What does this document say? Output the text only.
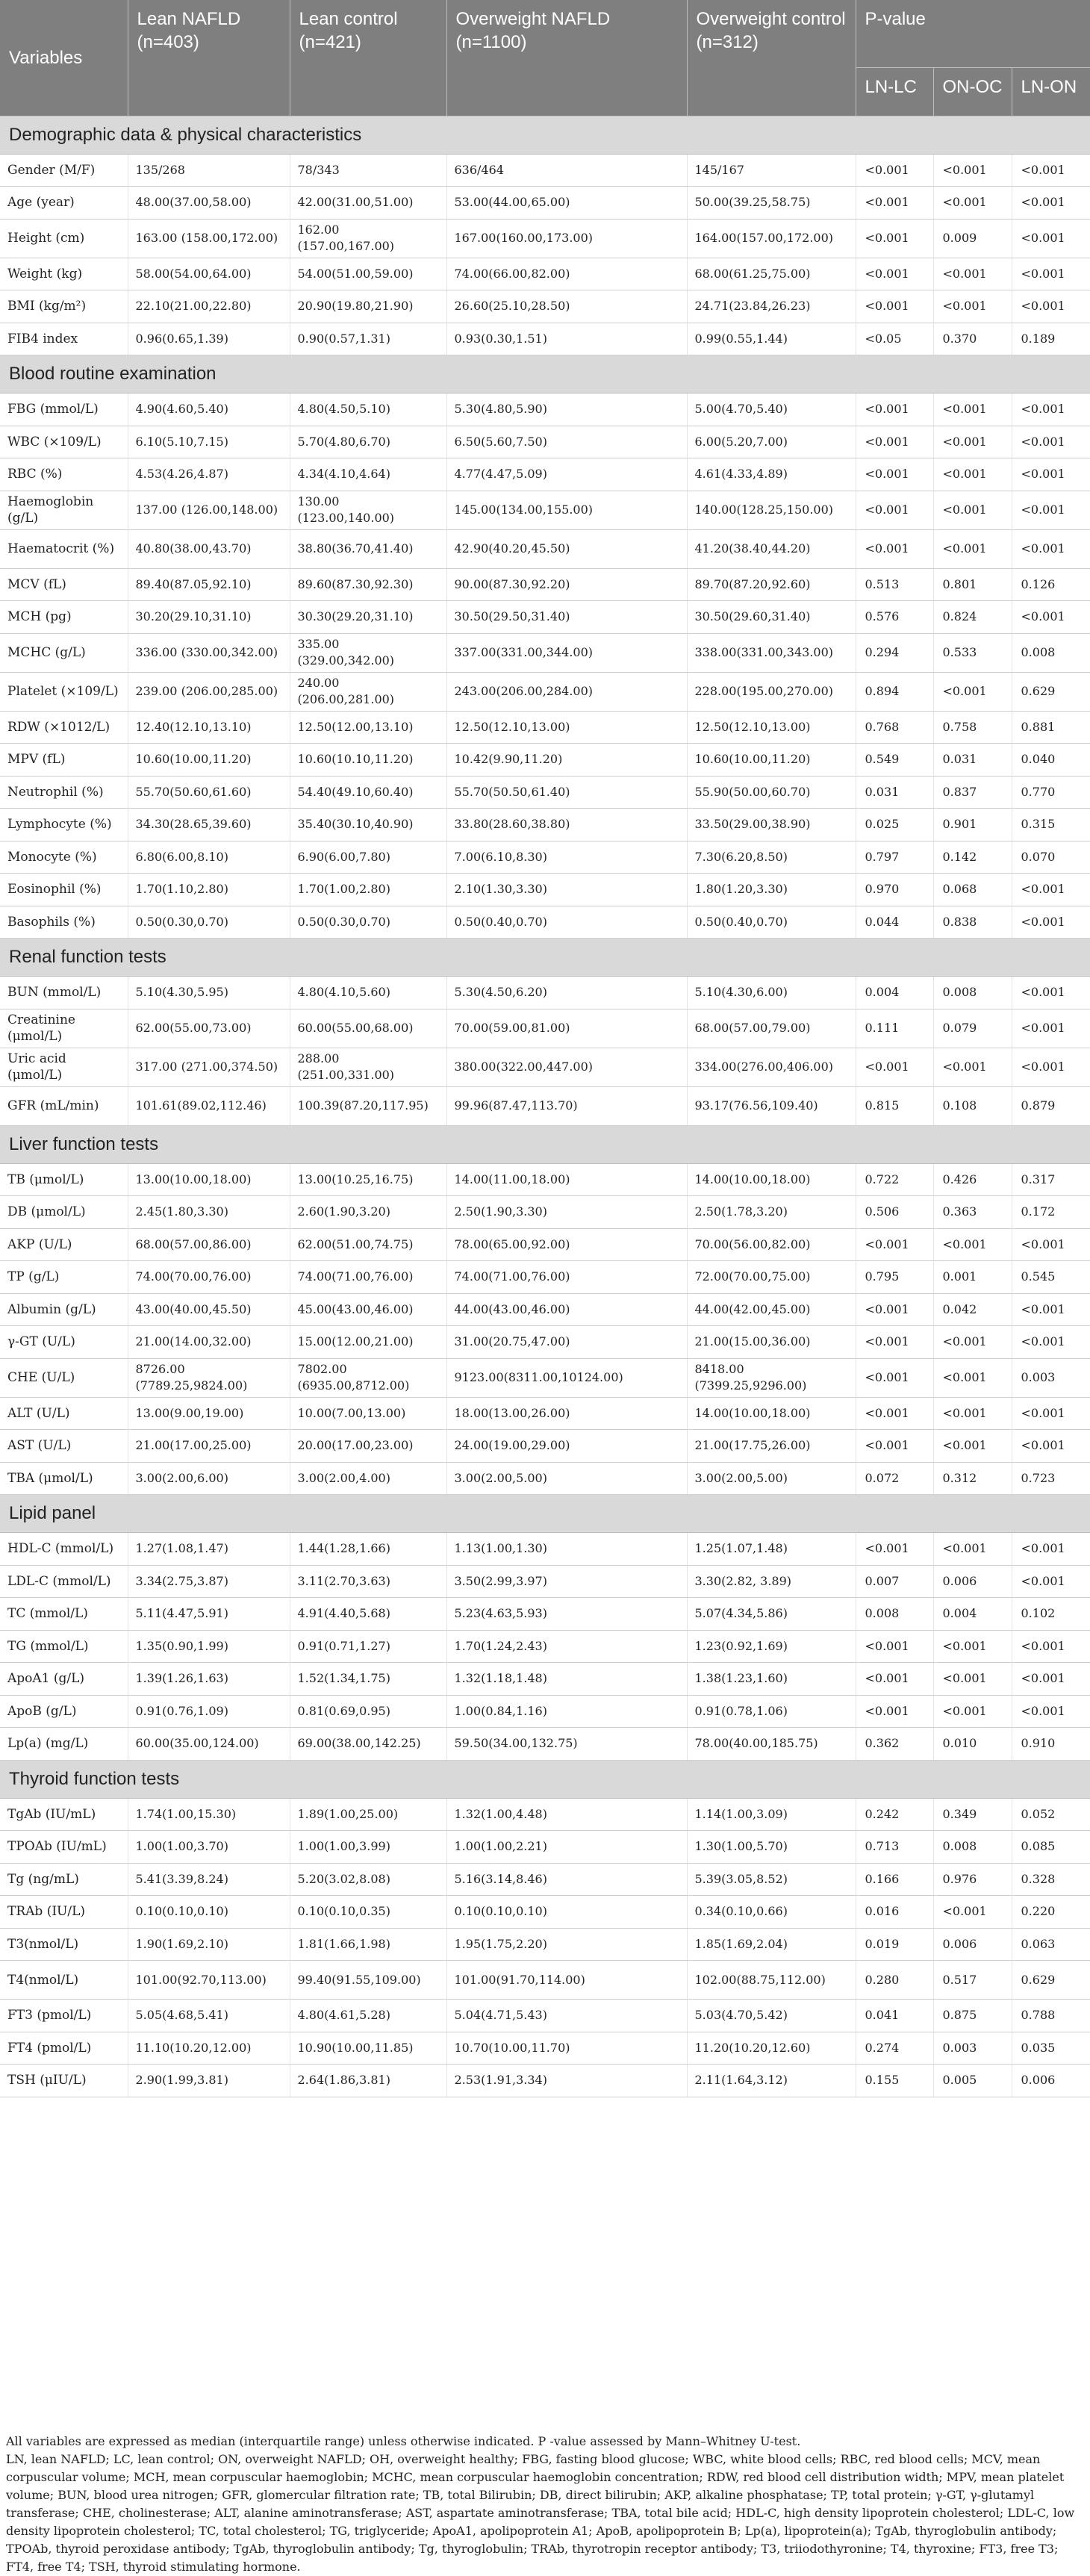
Variables	Lean NAFLD (n=403)	Lean control (n=421)	Overweight NAFLD (n=1100)	Overweight control (n=312)	P-value		
					LN-LC	ON-OC	LN-ON
Demographic data & physical characteristics							
Gender (M/F)	135/268	78/343	636/464	145/167	<0.001	<0.001	<0.001
Age (year)	48.00(37.00,58.00)	42.00(31.00,51.00)	53.00(44.00,65.00)	50.00(39.25,58.75)	<0.001	<0.001	<0.001
Height (cm)	163.00 (158.00,172.00)	162.00 (157.00,167.00)	167.00(160.00,173.00)	164.00(157.00,172.00)	<0.001	0.009	<0.001
Weight (kg)	58.00(54.00,64.00)	54.00(51.00,59.00)	74.00(66.00,82.00)	68.00(61.25,75.00)	<0.001	<0.001	<0.001
BMI (kg/m²)	22.10(21.00,22.80)	20.90(19.80,21.90)	26.60(25.10,28.50)	24.71(23.84,26.23)	<0.001	<0.001	<0.001
FIB4 index	0.96(0.65,1.39)	0.90(0.57,1.31)	0.93(0.30,1.51)	0.99(0.55,1.44)	<0.05	0.370	0.189
Blood routine examination							
FBG (mmol/L)	4.90(4.60,5.40)	4.80(4.50,5.10)	5.30(4.80,5.90)	5.00(4.70,5.40)	<0.001	<0.001	<0.001
WBC (×109/L)	6.10(5.10,7.15)	5.70(4.80,6.70)	6.50(5.60,7.50)	6.00(5.20,7.00)	<0.001	<0.001	<0.001
RBC (%)	4.53(4.26,4.87)	4.34(4.10,4.64)	4.77(4.47,5.09)	4.61(4.33,4.89)	<0.001	<0.001	<0.001
Haemoglobin (g/L)	137.00 (126.00,148.00)	130.00 (123.00,140.00)	145.00(134.00,155.00)	140.00(128.25,150.00)	<0.001	<0.001	<0.001
Haematocrit (%)	40.80(38.00,43.70)	38.80(36.70,41.40)	42.90(40.20,45.50)	41.20(38.40,44.20)	<0.001	<0.001	<0.001
MCV (fL)	89.40(87.05,92.10)	89.60(87.30,92.30)	90.00(87.30,92.20)	89.70(87.20,92.60)	0.513	0.801	0.126
MCH (pg)	30.20(29.10,31.10)	30.30(29.20,31.10)	30.50(29.50,31.40)	30.50(29.60,31.40)	0.576	0.824	<0.001
MCHC (g/L)	336.00 (330.00,342.00)	335.00 (329.00,342.00)	337.00(331.00,344.00)	338.00(331.00,343.00)	0.294	0.533	0.008
Platelet (×109/L)	239.00 (206.00,285.00)	240.00 (206.00,281.00)	243.00(206.00,284.00)	228.00(195.00,270.00)	0.894	<0.001	0.629
RDW (×1012/L)	12.40(12.10,13.10)	12.50(12.00,13.10)	12.50(12.10,13.00)	12.50(12.10,13.00)	0.768	0.758	0.881
MPV (fL)	10.60(10.00,11.20)	10.60(10.10,11.20)	10.42(9.90,11.20)	10.60(10.00,11.20)	0.549	0.031	0.040
Neutrophil (%)	55.70(50.60,61.60)	54.40(49.10,60.40)	55.70(50.50,61.40)	55.90(50.00,60.70)	0.031	0.837	0.770
Lymphocyte (%)	34.30(28.65,39.60)	35.40(30.10,40.90)	33.80(28.60,38.80)	33.50(29.00,38.90)	0.025	0.901	0.315
Monocyte (%)	6.80(6.00,8.10)	6.90(6.00,7.80)	7.00(6.10,8.30)	7.30(6.20,8.50)	0.797	0.142	0.070
Eosinophil (%)	1.70(1.10,2.80)	1.70(1.00,2.80)	2.10(1.30,3.30)	1.80(1.20,3.30)	0.970	0.068	<0.001
Basophils (%)	0.50(0.30,0.70)	0.50(0.30,0.70)	0.50(0.40,0.70)	0.50(0.40,0.70)	0.044	0.838	<0.001
Renal function tests							
BUN (mmol/L)	5.10(4.30,5.95)	4.80(4.10,5.60)	5.30(4.50,6.20)	5.10(4.30,6.00)	0.004	0.008	<0.001
Creatinine (μmol/L)	62.00(55.00,73.00)	60.00(55.00,68.00)	70.00(59.00,81.00)	68.00(57.00,79.00)	0.111	0.079	<0.001
Uric acid (μmol/L)	317.00 (271.00,374.50)	288.00 (251.00,331.00)	380.00(322.00,447.00)	334.00(276.00,406.00)	<0.001	<0.001	<0.001
GFR (mL/min)	101.61(89.02,112.46)	100.39(87.20,117.95)	99.96(87.47,113.70)	93.17(76.56,109.40)	0.815	0.108	0.879
Liver function tests							
TB (μmol/L)	13.00(10.00,18.00)	13.00(10.25,16.75)	14.00(11.00,18.00)	14.00(10.00,18.00)	0.722	0.426	0.317
DB (μmol/L)	2.45(1.80,3.30)	2.60(1.90,3.20)	2.50(1.90,3.30)	2.50(1.78,3.20)	0.506	0.363	0.172
AKP (U/L)	68.00(57.00,86.00)	62.00(51.00,74.75)	78.00(65.00,92.00)	70.00(56.00,82.00)	<0.001	<0.001	<0.001
TP (g/L)	74.00(70.00,76.00)	74.00(71.00,76.00)	74.00(71.00,76.00)	72.00(70.00,75.00)	0.795	0.001	0.545
Albumin (g/L)	43.00(40.00,45.50)	45.00(43.00,46.00)	44.00(43.00,46.00)	44.00(42.00,45.00)	<0.001	0.042	<0.001
γ-GT (U/L)	21.00(14.00,32.00)	15.00(12.00,21.00)	31.00(20.75,47.00)	21.00(15.00,36.00)	<0.001	<0.001	<0.001
CHE (U/L)	8726.00 (7789.25,9824.00)	7802.00 (6935.00,8712.00)	9123.00(8311.00,10124.00)	8418.00 (7399.25,9296.00)	<0.001	<0.001	0.003
ALT (U/L)	13.00(9.00,19.00)	10.00(7.00,13.00)	18.00(13.00,26.00)	14.00(10.00,18.00)	<0.001	<0.001	<0.001
AST (U/L)	21.00(17.00,25.00)	20.00(17.00,23.00)	24.00(19.00,29.00)	21.00(17.75,26.00)	<0.001	<0.001	<0.001
TBA (μmol/L)	3.00(2.00,6.00)	3.00(2.00,4.00)	3.00(2.00,5.00)	3.00(2.00,5.00)	0.072	0.312	0.723
Lipid panel							
HDL-C (mmol/L)	1.27(1.08,1.47)	1.44(1.28,1.66)	1.13(1.00,1.30)	1.25(1.07,1.48)	<0.001	<0.001	<0.001
LDL-C (mmol/L)	3.34(2.75,3.87)	3.11(2.70,3.63)	3.50(2.99,3.97)	3.30(2.82, 3.89)	0.007	0.006	<0.001
TC (mmol/L)	5.11(4.47,5.91)	4.91(4.40,5.68)	5.23(4.63,5.93)	5.07(4.34,5.86)	0.008	0.004	0.102
TG (mmol/L)	1.35(0.90,1.99)	0.91(0.71,1.27)	1.70(1.24,2.43)	1.23(0.92,1.69)	<0.001	<0.001	<0.001
ApoA1 (g/L)	1.39(1.26,1.63)	1.52(1.34,1.75)	1.32(1.18,1.48)	1.38(1.23,1.60)	<0.001	<0.001	<0.001
ApoB (g/L)	0.91(0.76,1.09)	0.81(0.69,0.95)	1.00(0.84,1.16)	0.91(0.78,1.06)	<0.001	<0.001	<0.001
Lp(a) (mg/L)	60.00(35.00,124.00)	69.00(38.00,142.25)	59.50(34.00,132.75)	78.00(40.00,185.75)	0.362	0.010	0.910
Thyroid function tests							
TgAb (IU/mL)	1.74(1.00,15.30)	1.89(1.00,25.00)	1.32(1.00,4.48)	1.14(1.00,3.09)	0.242	0.349	0.052
TPOAb (IU/mL)	1.00(1.00,3.70)	1.00(1.00,3.99)	1.00(1.00,2.21)	1.30(1.00,5.70)	0.713	0.008	0.085
Tg (ng/mL)	5.41(3.39,8.24)	5.20(3.02,8.08)	5.16(3.14,8.46)	5.39(3.05,8.52)	0.166	0.976	0.328
TRAb (IU/L)	0.10(0.10,0.10)	0.10(0.10,0.35)	0.10(0.10,0.10)	0.34(0.10,0.66)	0.016	<0.001	0.220
T3(nmol/L)	1.90(1.69,2.10)	1.81(1.66,1.98)	1.95(1.75,2.20)	1.85(1.69,2.04)	0.019	0.006	0.063
T4(nmol/L)	101.00(92.70,113.00)	99.40(91.55,109.00)	101.00(91.70,114.00)	102.00(88.75,112.00)	0.280	0.517	0.629
FT3 (pmol/L)	5.05(4.68,5.41)	4.80(4.61,5.28)	5.04(4.71,5.43)	5.03(4.70,5.42)	0.041	0.875	0.788
FT4 (pmol/L)	11.10(10.20,12.00)	10.90(10.00,11.85)	10.70(10.00,11.70)	11.20(10.20,12.60)	0.274	0.003	0.035
TSH (μIU/L)	2.90(1.99,3.81)	2.64(1.86,3.81)	2.53(1.91,3.34)	2.11(1.64,3.12)	0.155	0.005	0.006

All variables are expressed as median (interquartile range) unless otherwise indicated. P -value assessed by Mann–Whitney U-test.

LN, lean NAFLD; LC, lean control; ON, overweight NAFLD; OH, overweight healthy; FBG, fasting blood glucose; WBC, white blood cells; RBC, red blood cells; MCV, mean corpuscular volume; MCH, mean corpuscular haemoglobin; MCHC, mean corpuscular haemoglobin concentration; RDW, red blood cell distribution width; MPV, mean platelet volume; BUN, blood urea nitrogen; GFR, glomercular filtration rate; TB, total Bilirubin; DB, direct bilirubin; AKP, alkaline phosphatase; TP, total protein; γ-GT, γ-glutamyl transferase; CHE, cholinesterase; ALT, alanine aminotransferase; AST, aspartate aminotransferase; TBA, total bile acid; HDL-C, high density lipoprotein cholesterol; LDL-C, low density lipoprotein cholesterol; TC, total cholesterol; TG, triglyceride; ApoA1, apolipoprotein A1; ApoB, apolipoprotein B; Lp(a), lipoprotein(a); TgAb, thyroglobulin antibody; TPOAb, thyroid peroxidase antibody; TgAb, thyroglobulin antibody; Tg, thyroglobulin; TRAb, thyrotropin receptor antibody; T3, triiodothyronine; T4, thyroxine; FT3, free T3; FT4, free T4; TSH, thyroid stimulating hormone.
